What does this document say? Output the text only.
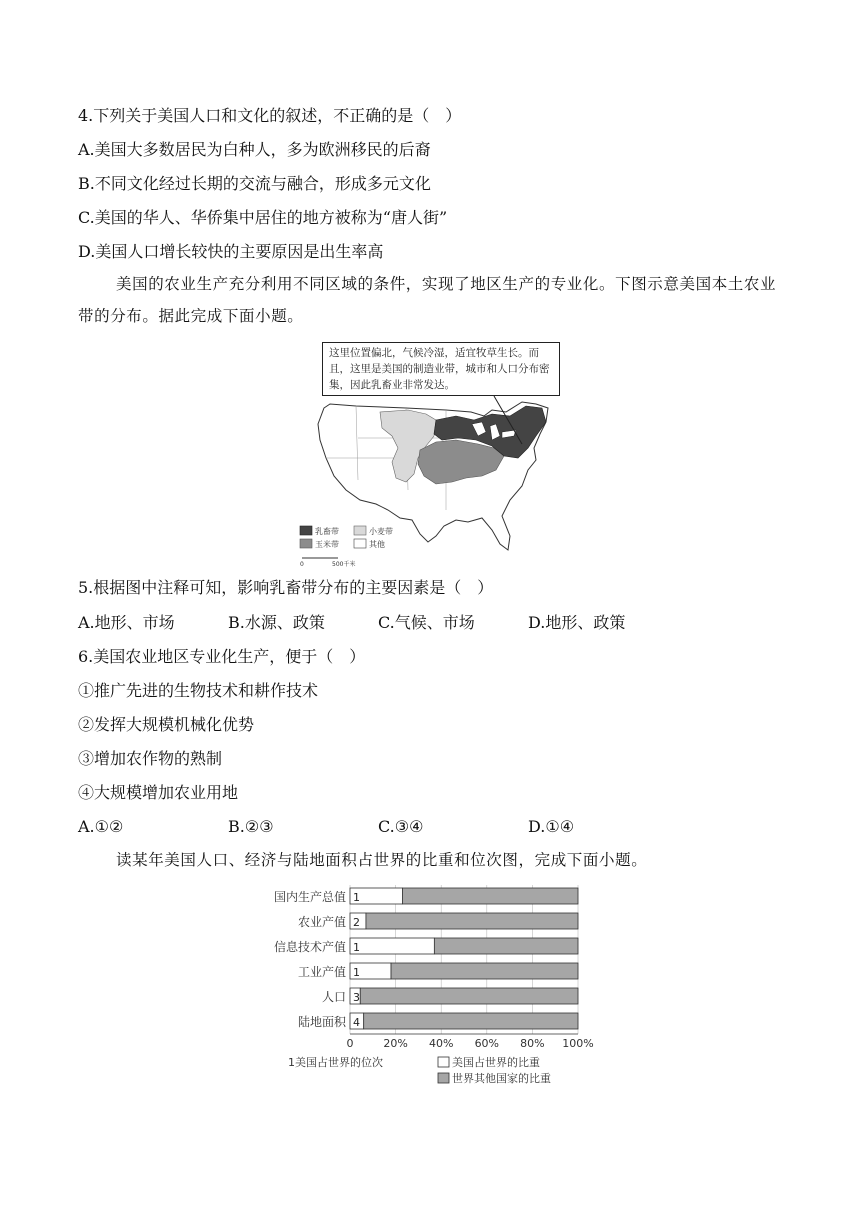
4.下列关于美国人口和文化的叙述，不正确的是（　）
A.美国大多数居民为白种人，多为欧洲移民的后裔
B.不同文化经过长期的交流与融合，形成多元文化
C.美国的华人、华侨集中居住的地方被称为“唐人街”
D.美国人口增长较快的主要原因是出生率高
美国的农业生产充分利用不同区域的条件，实现了地区生产的专业化。下图示意美国本土农业带的分布。据此完成下面小题。
乳畜带	小麦带
玉米带	其他
0	500千米
这里位置偏北，气候冷湿，适宜牧草生长。而且，这里是美国的制造业带，城市和人口分布密集，因此乳畜业非常发达。
5.根据图中注释可知，影响乳畜带分布的主要因素是（　）
A.地形、市场	B.水源、政策	C.气候、市场	D.地形、政策
6.美国农业地区专业化生产，便于（　）
①推广先进的生物技术和耕作技术
②发挥大规模机械化优势
③增加农作物的熟制
④大规模增加农业用地
A.①②	B.②③	C.③④	D.①④
读某年美国人口、经济与陆地面积占世界的比重和位次图，完成下面小题。
1
2
1
1
3
4
国内生产总值
农业产值
信息技术产值
工业产值
人口
陆地面积
0	20% 40% 60% 80% 100%
1美国占世界的位次	美国占世界的比重
世界其他国家的比重
